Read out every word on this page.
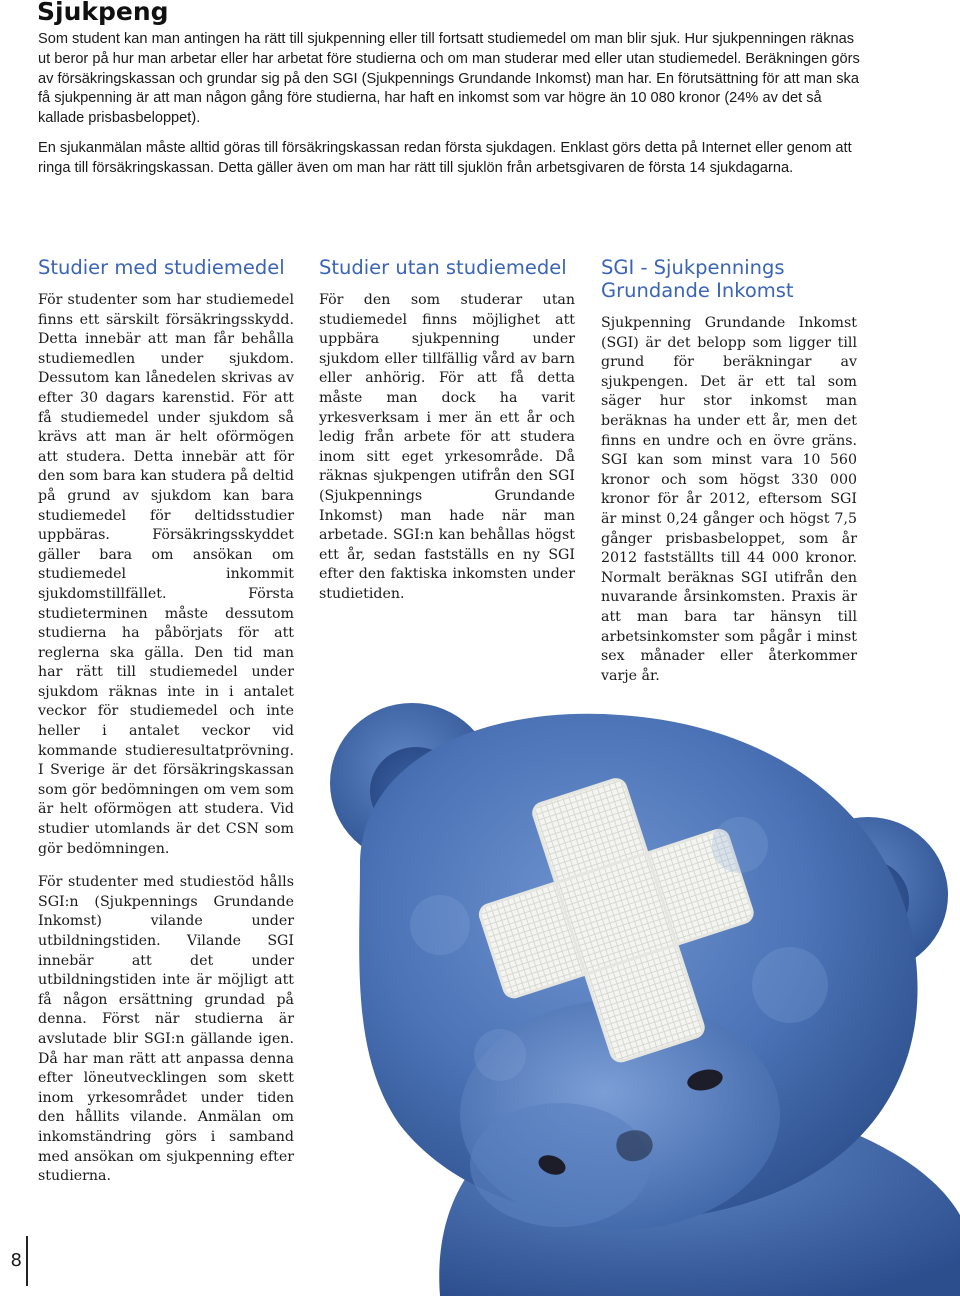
Sjukpeng

Som student kan man antingen ha rätt till sjukpenning eller till fortsatt studiemedel om man blir sjuk. Hur sjukpenningen räknas ut beror på hur man arbetar eller har arbetat före studierna och om man studerar med eller utan studiemedel. Beräkningen görs av försäkringskassan och grundar sig på den SGI (Sjukpennings Grundande Inkomst) man har. En förutsättning för att man ska få sjukpenning är att man någon gång före studierna, har haft en inkomst som var högre än 10 080 kronor (24% av det så kallade prisbasbeloppet).

En sjukanmälan måste alltid göras till försäkringskassan redan första sjukdagen. Enklast görs detta på Internet eller genom att ringa till försäkringskassan. Detta gäller även om man har rätt till sjuklön från arbetsgivaren de första 14 sjukdagarna.

Studier med studiemedel

För studenter som har studiemedel finns ett särskilt försäkringsskydd. Detta innebär att man får behålla studiemedlen under sjukdom. Dessutom kan lånedelen skrivas av efter 30 dagars karenstid. För att få studiemedel under sjukdom så krävs att man är helt oförmögen att studera. Detta innebär att för den som bara kan studera på deltid på grund av sjukdom kan bara studiemedel för deltidsstudier uppbäras. Försäkringsskyddet gäller bara om ansökan om studiemedel inkommit sjukdomstillfället. Första studieterminen måste dessutom studierna ha påbörjats för att reglerna ska gälla. Den tid man har rätt till studiemedel under sjukdom räknas inte in i antalet veckor för studiemedel och inte heller i antalet veckor vid kommande studieresultatprövning. I Sverige är det försäkringskassan som gör bedömningen om vem som är helt oförmögen att studera. Vid studier utomlands är det CSN som gör bedömningen.

För studenter med studiestöd hålls SGI:n (Sjukpennings Grundande Inkomst) vilande under utbildningstiden. Vilande SGI innebär att det under utbildningstiden inte är möjligt att få någon ersättning grundad på denna. Först när studierna är avslutade blir SGI:n gällande igen. Då har man rätt att anpassa denna efter löneutvecklingen som skett inom yrkesområdet under tiden den hållits vilande. Anmälan om inkomständring görs i samband med ansökan om sjukpenning efter studierna.

Studier utan studiemedel

För den som studerar utan studiemedel finns möjlighet att uppbära sjukpenning under sjukdom eller tillfällig vård av barn eller anhörig. För att få detta måste man dock ha varit yrkesverksam i mer än ett år och ledig från arbete för att studera inom sitt eget yrkesområde. Då räknas sjukpengen utifrån den SGI (Sjukpennings Grundande Inkomst) man hade när man arbetade. SGI:n kan behållas högst ett år, sedan fastställs en ny SGI efter den faktiska inkomsten under studietiden.

SGI - Sjukpennings Grundande Inkomst

Sjukpenning Grundande Inkomst (SGI) är det belopp som ligger till grund för beräkningar av sjukpengen. Det är ett tal som säger hur stor inkomst man beräknas ha under ett år, men det finns en undre och en övre gräns. SGI kan som minst vara 10 560 kronor och som högst 330 000 kronor för år 2012, eftersom SGI är minst 0,24 gånger och högst 7,5 gånger prisbasbeloppet, som år 2012 fastställts till 44 000 kronor. Normalt beräknas SGI utifrån den nuvarande årsinkomsten. Praxis är att man bara tar hänsyn till arbetsinkomster som pågår i minst sex månader eller återkommer varje år.

8
